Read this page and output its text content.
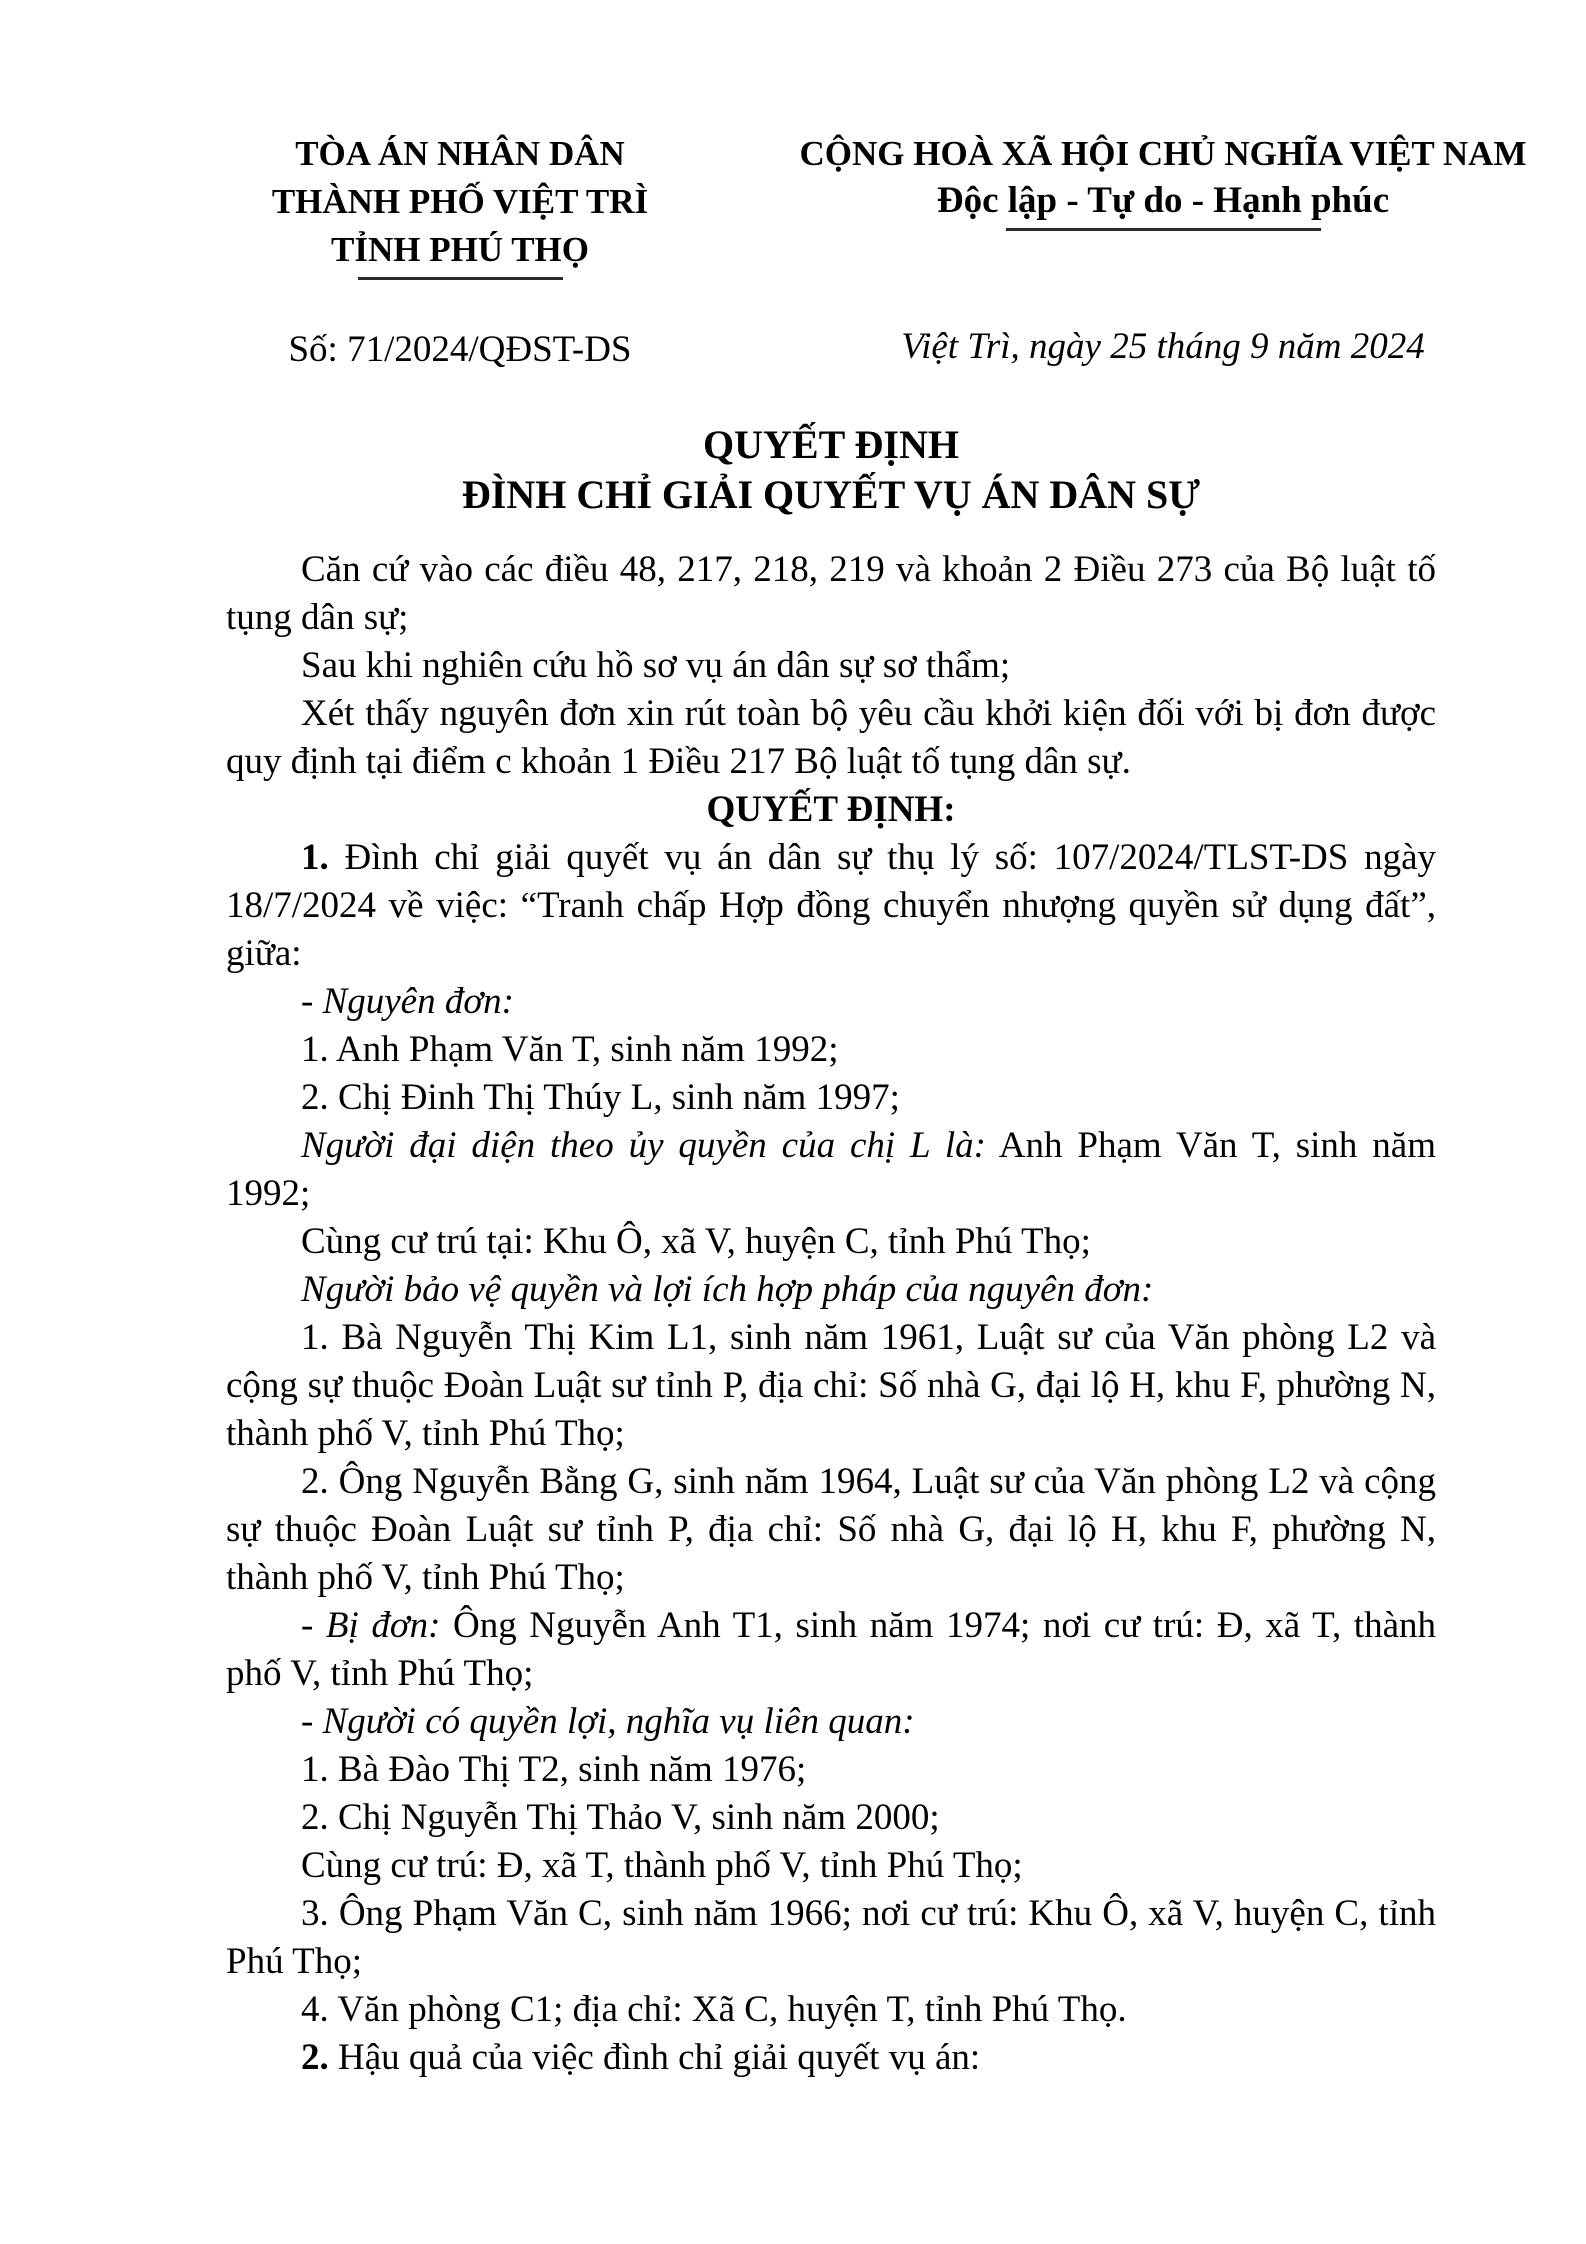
TÒA ÁN NHÂN DÂN
THÀNH PHỐ VIỆT TRÌ
TỈNH PHÚ THỌ
Số: 71/2024/QĐST-DS
CỘNG HOÀ XÃ HỘI CHỦ NGHĨA VIỆT NAM
Độc lập - Tự do - Hạnh phúc
Việt Trì, ngày 25 tháng 9 năm 2024
QUYẾT ĐỊNH
ĐÌNH CHỈ GIẢI QUYẾT VỤ ÁN DÂN SỰ

Căn cứ vào các điều 48, 217, 218, 219 và khoản 2 Điều 273 của Bộ luật tố tụng dân sự;

Sau khi nghiên cứu hồ sơ vụ án dân sự sơ thẩm;

Xét thấy nguyên đơn xin rút toàn bộ yêu cầu khởi kiện đối với bị đơn được quy định tại điểm c khoản 1 Điều 217 Bộ luật tố tụng dân sự.

QUYẾT ĐỊNH:

1. Đình chỉ giải quyết vụ án dân sự thụ lý số: 107/2024/TLST-DS ngày 18/7/2024 về việc: “Tranh chấp Hợp đồng chuyển nhượng quyền sử dụng đất”, giữa:

- Nguyên đơn:

1. Anh Phạm Văn T, sinh năm 1992;

2. Chị Đinh Thị Thúy L, sinh năm 1997;

Người đại diện theo ủy quyền của chị L là: Anh Phạm Văn T, sinh năm 1992;

Cùng cư trú tại: Khu Ô, xã V, huyện C, tỉnh Phú Thọ;

Người bảo vệ quyền và lợi ích hợp pháp của nguyên đơn:

1. Bà Nguyễn Thị Kim L1, sinh năm 1961, Luật sư của Văn phòng L2 và cộng sự thuộc Đoàn Luật sư tỉnh P, địa chỉ: Số nhà G, đại lộ H, khu F, phường N, thành phố V, tỉnh Phú Thọ;

2. Ông Nguyễn Bằng G, sinh năm 1964, Luật sư của Văn phòng L2 và cộng sự thuộc Đoàn Luật sư tỉnh P, địa chỉ: Số nhà G, đại lộ H, khu F, phường N, thành phố V, tỉnh Phú Thọ;

- Bị đơn: Ông Nguyễn Anh T1, sinh năm 1974; nơi cư trú: Đ, xã T, thành phố V, tỉnh Phú Thọ;

- Người có quyền lợi, nghĩa vụ liên quan:

1. Bà Đào Thị T2, sinh năm 1976;

2. Chị Nguyễn Thị Thảo V, sinh năm 2000;

Cùng cư trú: Đ, xã T, thành phố V, tỉnh Phú Thọ;

3. Ông Phạm Văn C, sinh năm 1966; nơi cư trú: Khu Ô, xã V, huyện C, tỉnh Phú Thọ;

4. Văn phòng C1; địa chỉ: Xã C, huyện T, tỉnh Phú Thọ.

2. Hậu quả của việc đình chỉ giải quyết vụ án:
